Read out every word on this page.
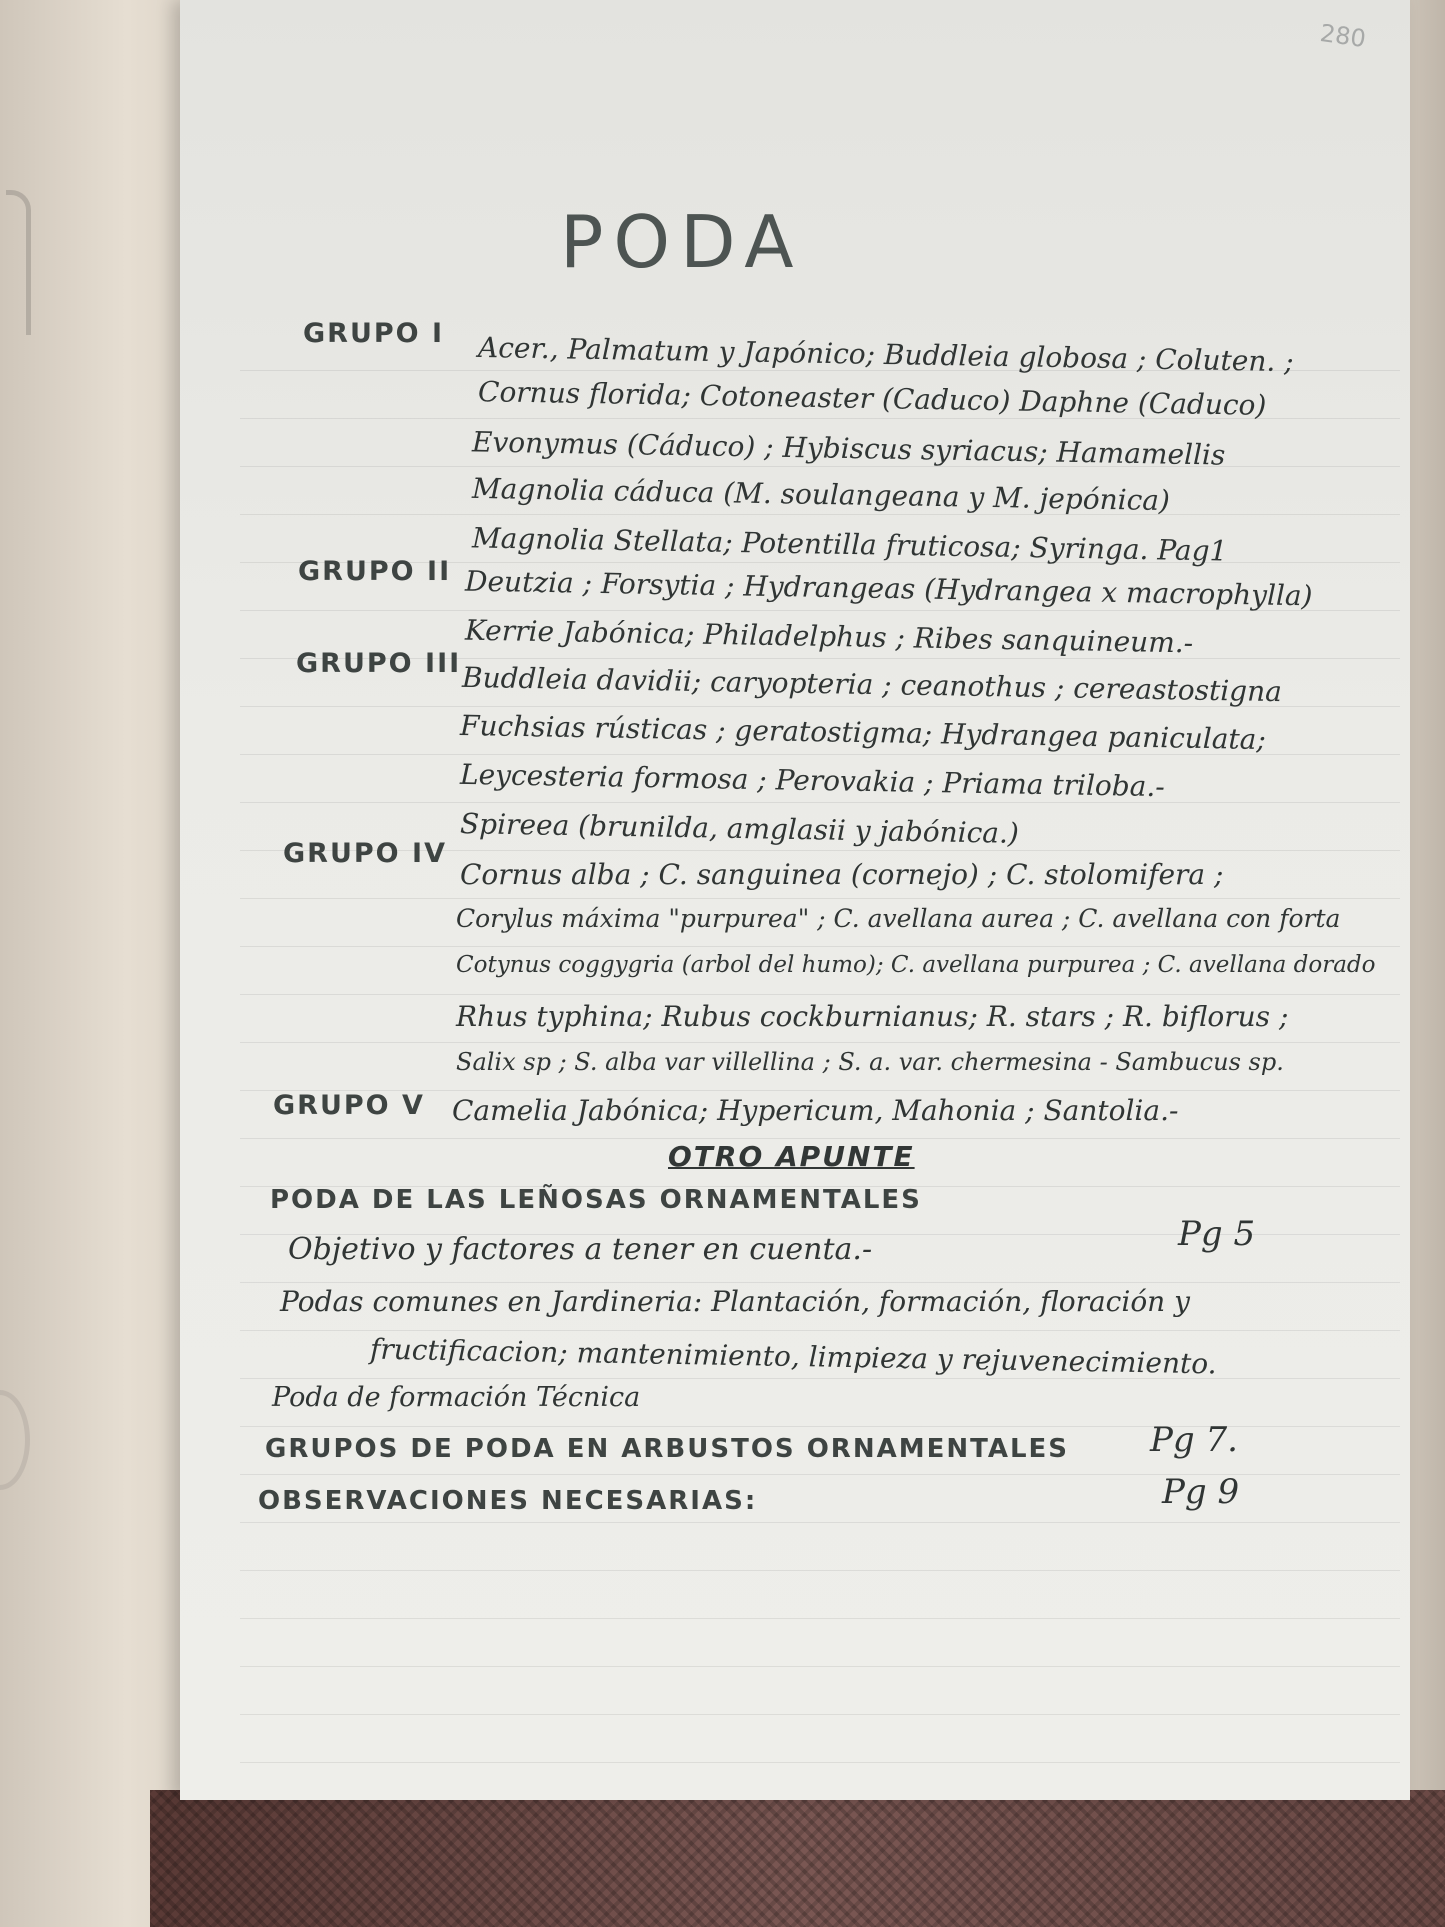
280
PODA
GRUPO I Acer., Palmatum y Japónico; Buddleia globosa ; Coluten. ;
Cornus florida; Cotoneaster (Caduco) Daphne (Caduco)
Evonymus (Cáduco) ; Hybiscus syriacus; Hamamellis
Magnolia cáduca (M. soulangeana y M. jepónica)
Magnolia Stellata; Potentilla fruticosa; Syringa. Pag1
GRUPO II Deutzia ; Forsytia ; Hydrangeas (Hydrangea x macrophylla)
Kerrie Jabónica; Philadelphus ; Ribes sanquineum.-
GRUPO III Buddleia davidii; caryopteria ; ceanothus ; cereastostigna
Fuchsias rústicas ; geratostigma; Hydrangea paniculata;
Leycesteria formosa ; Perovakia ; Priama triloba.-
Spireea (brunilda, amglasii y jabónica.)
GRUPO IV
Cornus alba ; C. sanguinea (cornejo) ; C. stolomifera ;
Corylus máxima "purpurea" ; C. avellana aurea ; C. avellana con forta
Cotynus coggygria (arbol del humo); C. avellana purpurea ; C. avellana dorado
Rhus typhina; Rubus cockburnianus; R. stars ; R. biflorus ;
Salix sp ; S. alba var villellina ; S. a. var. chermesina - Sambucus sp.
GRUPO V Camelia Jabónica; Hypericum, Mahonia ; Santolia.-
OTRO APUNTE
PODA DE LAS LEÑOSAS ORNAMENTALES
Objetivo y factores a tener en cuenta.-	Pg 5
Podas comunes en Jardineria: Plantación, formación, floración y
fructificacion; mantenimiento, limpieza y rejuvenecimiento.
Poda de formación Técnica
GRUPOS DE PODA EN ARBUSTOS ORNAMENTALES Pg 7.
OBSERVACIONES NECESARIAS:	Pg 9
